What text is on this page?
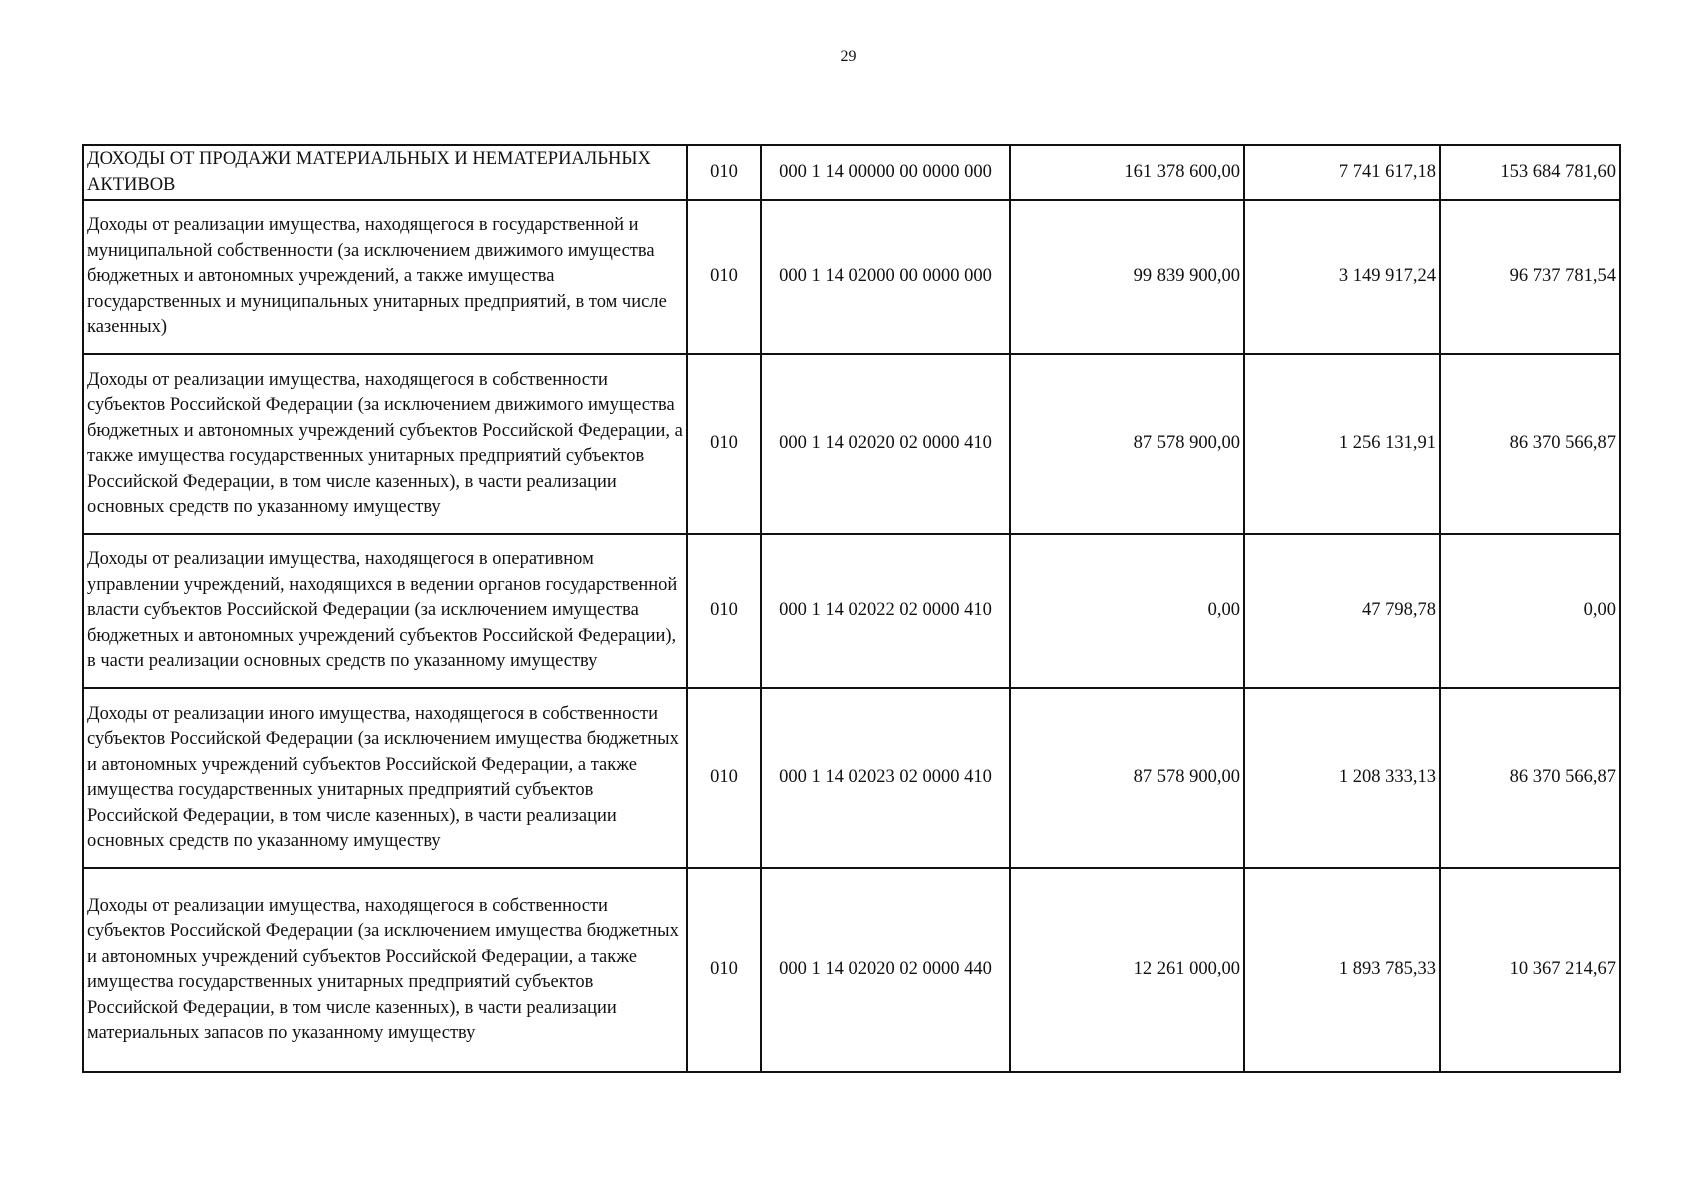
29
ДОХОДЫ ОТ ПРОДАЖИ МАТЕРИАЛЬНЫХ И НЕМАТЕРИАЛЬНЫХ АКТИВОВ	010	000 1 14 00000 00 0000 000	161 378 600,00	7 741 617,18	153 684 781,60
Доходы от реализации имущества, находящегося в государственной и муниципальной собственности (за исключением движимого имущества бюджетных и автономных учреждений, а также имущества государственных и муниципальных унитарных предприятий, в том числе казенных)	010	000 1 14 02000 00 0000 000	99 839 900,00	3 149 917,24	96 737 781,54
Доходы от реализации имущества, находящегося в собственности субъектов Российской Федерации (за исключением движимого имущества бюджетных и автономных учреждений субъектов Российской Федерации, а также имущества государственных унитарных предприятий субъектов Российской Федерации, в том числе казенных), в части реализации основных средств по указанному имуществу	010	000 1 14 02020 02 0000 410	87 578 900,00	1 256 131,91	86 370 566,87
Доходы от реализации имущества, находящегося в оперативном управлении учреждений, находящихся в ведении органов государственной власти субъектов Российской Федерации (за исключением имущества бюджетных и автономных учреждений субъектов Российской Федерации), в части реализации основных средств по указанному имуществу	010	000 1 14 02022 02 0000 410	0,00	47 798,78	0,00
Доходы от реализации иного имущества, находящегося в собственности субъектов Российской Федерации (за исключением имущества бюджетных и автономных учреждений субъектов Российской Федерации, а также имущества государственных унитарных предприятий субъектов Российской Федерации, в том числе казенных), в части реализации основных средств по указанному имуществу	010	000 1 14 02023 02 0000 410	87 578 900,00	1 208 333,13	86 370 566,87
Доходы от реализации имущества, находящегося в собственности субъектов Российской Федерации (за исключением имущества бюджетных и автономных учреждений субъектов Российской Федерации, а также имущества государственных унитарных предприятий субъектов Российской Федерации, в том числе казенных), в части реализации материальных запасов по указанному имуществу	010	000 1 14 02020 02 0000 440	12 261 000,00	1 893 785,33	10 367 214,67
